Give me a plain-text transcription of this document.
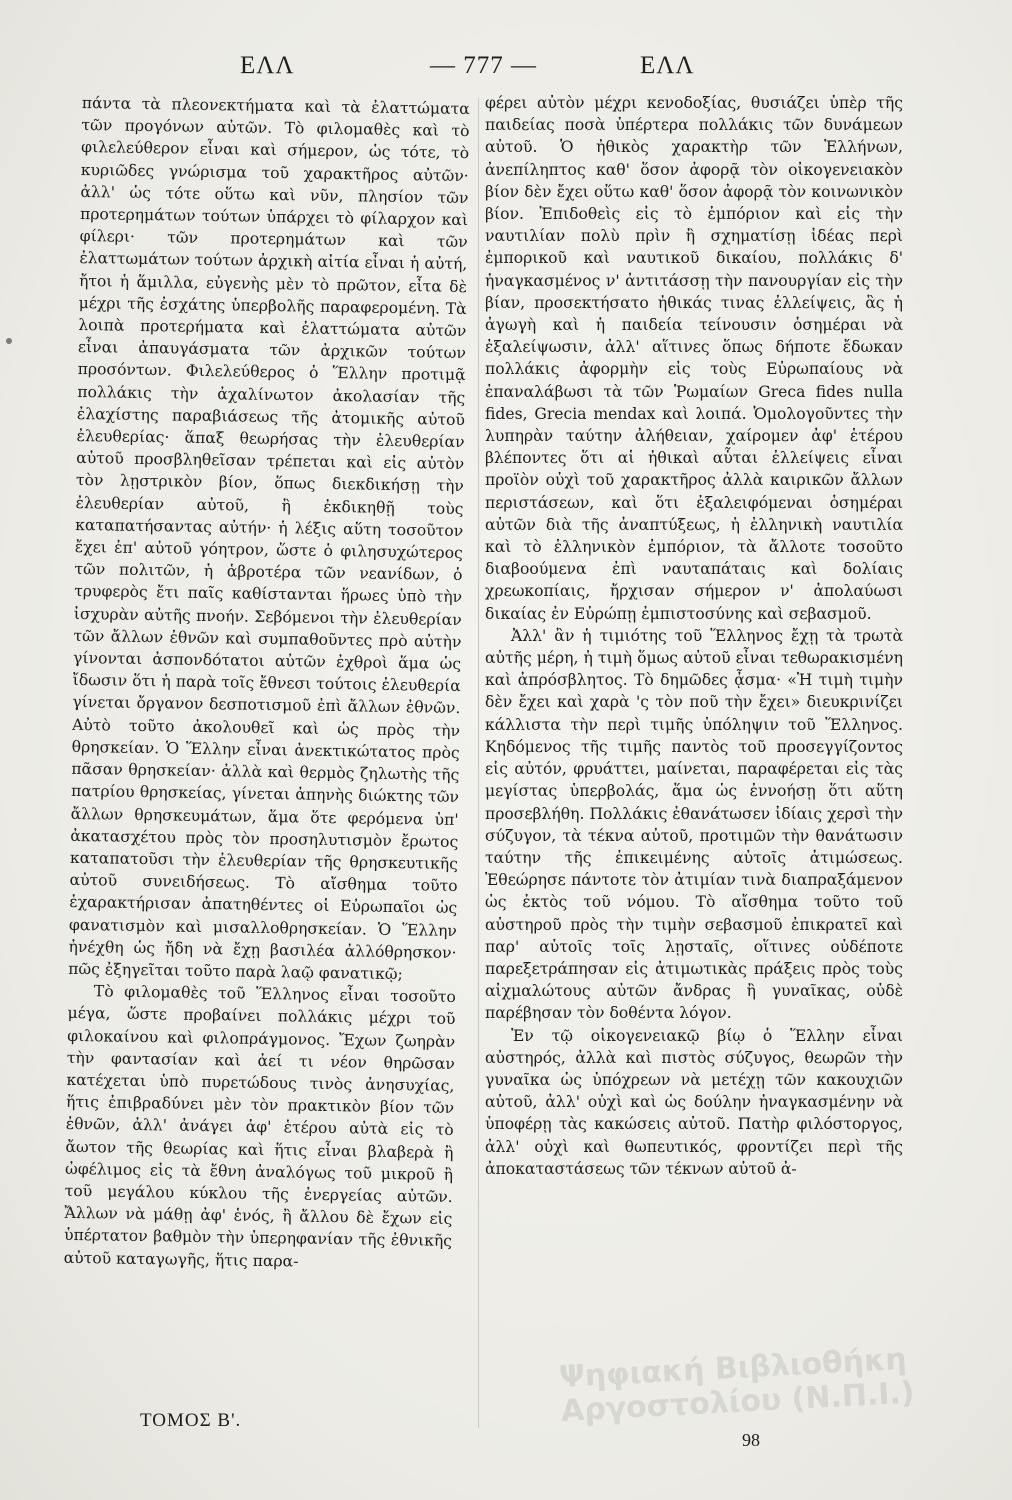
ΕΛΛ	— 777 —	ΕΛΛ

πάντα τὰ πλεονεκτήματα καὶ τὰ ἐλαττώματα τῶν προγόνων αὐτῶν. Τὸ φιλομαθὲς καὶ τὸ φιλελεύθερον εἶναι καὶ σήμερον, ὡς τότε, τὸ κυριῶδες γνώρισμα τοῦ χαρακτῆρος αὐτῶν· ἀλλ' ὡς τότε οὕτω καὶ νῦν, πλησίον τῶν προτερημάτων τούτων ὑπάρχει τὸ φίλαρχον καὶ φίλερι· τῶν προτερημάτων καὶ τῶν ἐλαττωμάτων τούτων ἀρχικὴ αἰτία εἶναι ἡ αὐτή, ἤτοι ἡ ἅμιλλα, εὐγενὴς μὲν τὸ πρῶτον, εἶτα δὲ μέχρι τῆς ἐσχάτης ὑπερβολῆς παραφερομένη. Τὰ λοιπὰ προτερήματα καὶ ἐλαττώματα αὐτῶν εἶναι ἀπαυγάσματα τῶν ἀρχικῶν τούτων προσόντων. Φιλελεύθερος ὁ Ἕλλην προτιμᾷ πολλάκις τὴν ἀχαλίνωτον ἀκολασίαν τῆς ἐλαχίστης παραβιάσεως τῆς ἀτομικῆς αὐτοῦ ἐλευθερίας· ἅπαξ θεωρήσας τὴν ἐλευθερίαν αὐτοῦ προσβληθεῖσαν τρέπεται καὶ εἰς αὐτὸν τὸν λῃστρικὸν βίον, ὅπως διεκδικήσῃ τὴν ἐλευθερίαν αὐτοῦ, ἢ ἐκδικηθῇ τοὺς καταπατήσαντας αὐτήν· ἡ λέξις αὕτη τοσοῦτον ἔχει ἐπ' αὐτοῦ γόητρον, ὥστε ὁ φιλησυχώτερος τῶν πολιτῶν, ἡ ἁβροτέρα τῶν νεανίδων, ὁ τρυφερὸς ἔτι παῖς καθίστανται ἥρωες ὑπὸ τὴν ἰσχυρὰν αὐτῆς πνοήν. Σεβόμενοι τὴν ἐλευθερίαν τῶν ἄλλων ἐθνῶν καὶ συμπαθοῦντες πρὸ αὐτὴν γίνονται ἀσπονδότατοι αὐτῶν ἐχθροὶ ἅμα ὡς ἴδωσιν ὅτι ἡ παρὰ τοῖς ἔθνεσι τούτοις ἐλευθερία γίνεται ὄργανον δεσποτισμοῦ ἐπὶ ἄλλων ἐθνῶν. Αὐτὸ τοῦτο ἀκολουθεῖ καὶ ὡς πρὸς τὴν θρησκείαν. Ὁ Ἕλλην εἶναι ἀνεκτικώτατος πρὸς πᾶσαν θρησκείαν· ἀλλὰ καὶ θερμὸς ζηλωτὴς τῆς πατρίου θρησκείας, γίνεται ἀπηνὴς διώκτης τῶν ἄλλων θρησκευμάτων, ἅμα ὅτε φερόμενα ὑπ' ἀκατασχέτου πρὸς τὸν προσηλυτισμὸν ἔρωτος καταπατοῦσι τὴν ἐλευθερίαν τῆς θρησκευτικῆς αὐτοῦ συνειδήσεως. Τὸ αἴσθημα τοῦτο ἐχαρακτήρισαν ἀπατηθέντες οἱ Εὐρωπαῖοι ὡς φανατισμὸν καὶ μισαλλοθρησκείαν. Ὁ Ἕλλην ἠνέχθη ὡς ἤδη νὰ ἔχῃ βασιλέα ἀλλόθρησκον· πῶς ἐξηγεῖται τοῦτο παρὰ λαῷ φανατικῷ;

Τὸ φιλομαθὲς τοῦ Ἕλληνος εἶναι τοσοῦτο μέγα, ὥστε προβαίνει πολλάκις μέχρι τοῦ φιλοκαίνου καὶ φιλοπράγμονος. Ἔχων ζωηρὰν τὴν φαντασίαν καὶ ἀεί τι νέον θηρῶσαν κατέχεται ὑπὸ πυρετώδους τινὸς ἀνησυχίας, ἥτις ἐπιβραδύνει μὲν τὸν πρακτικὸν βίον τῶν ἐθνῶν, ἀλλ' ἀνάγει ἀφ' ἑτέρου αὐτὰ εἰς τὸ ἄωτον τῆς θεωρίας καὶ ἥτις εἶναι βλαβερὰ ἢ ὠφέλιμος εἰς τὰ ἔθνη ἀναλόγως τοῦ μικροῦ ἢ τοῦ μεγάλου κύκλου τῆς ἐνεργείας αὐτῶν. Ἄλλων νὰ μάθῃ ἀφ' ἑνός, ἢ ἄλλου δὲ ἔχων εἰς ὑπέρτατον βαθμὸν τὴν ὑπερηφανίαν τῆς ἐθνικῆς αὐτοῦ καταγωγῆς, ἥτις παρα-

φέρει αὐτὸν μέχρι κενοδοξίας, θυσιάζει ὑπὲρ τῆς παιδείας ποσὰ ὑπέρτερα πολλάκις τῶν δυνάμεων αὐτοῦ. Ὁ ἠθικὸς χαρακτὴρ τῶν Ἑλλήνων, ἀνεπίληπτος καθ' ὅσον ἀφορᾷ τὸν οἰκογενειακὸν βίον δὲν ἔχει οὕτω καθ' ὅσον ἀφορᾷ τὸν κοινωνικὸν βίον. Ἐπιδοθεὶς εἰς τὸ ἐμπόριον καὶ εἰς τὴν ναυτιλίαν πολὺ πρὶν ἢ σχηματίσῃ ἰδέας περὶ ἐμπορικοῦ καὶ ναυτικοῦ δικαίου, πολλάκις δ' ἠναγκασμένος ν' ἀντιτάσσῃ τὴν πανουργίαν εἰς τὴν βίαν, προσεκτήσατο ἠθικάς τινας ἐλλείψεις, ἃς ἡ ἀγωγὴ καὶ ἡ παιδεία τείνουσιν ὁσημέραι νὰ ἐξαλείψωσιν, ἀλλ' αἵτινες ὅπως δήποτε ἔδωκαν πολλάκις ἀφορμὴν εἰς τοὺς Εὐρωπαίους νὰ ἐπαναλάβωσι τὰ τῶν Ῥωμαίων Greca fides nulla fides, Grecia mendax καὶ λοιπά. Ὁμολογοῦντες τὴν λυπηρὰν ταύτην ἀλήθειαν, χαίρομεν ἀφ' ἑτέρου βλέποντες ὅτι αἱ ἠθικαὶ αὗται ἐλλείψεις εἶναι προϊὸν οὐχὶ τοῦ χαρακτῆρος ἀλλὰ καιρικῶν ἄλλων περιστάσεων, καὶ ὅτι ἐξαλειφόμεναι ὁσημέραι αὐτῶν διὰ τῆς ἀναπτύξεως, ἡ ἑλληνικὴ ναυτιλία καὶ τὸ ἑλληνικὸν ἐμπόριον, τὰ ἄλλοτε τοσοῦτο διαβοούμενα ἐπὶ ναυταπάταις καὶ δολίαις χρεωκοπίαις, ἤρχισαν σήμερον ν' ἀπολαύωσι δικαίας ἐν Εὐρώπῃ ἐμπιστοσύνης καὶ σεβασμοῦ.

Ἀλλ' ἂν ἡ τιμιότης τοῦ Ἕλληνος ἔχῃ τὰ τρωτὰ αὐτῆς μέρη, ἡ τιμὴ ὅμως αὐτοῦ εἶναι τεθωρακισμένη καὶ ἀπρόσβλητος. Τὸ δημῶδες ᾆσμα· «Ἡ τιμὴ τιμὴν δὲν ἔχει καὶ χαρὰ 'ς τὸν ποῦ τὴν ἔχει» διευκρινίζει κάλλιστα τὴν περὶ τιμῆς ὑπόληψιν τοῦ Ἕλληνος. Κηδόμενος τῆς τιμῆς παντὸς τοῦ προσεγγίζοντος εἰς αὐτόν, φρυάττει, μαίνεται, παραφέρεται εἰς τὰς μεγίστας ὑπερβολάς, ἅμα ὡς ἐννοήσῃ ὅτι αὕτη προσεβλήθη. Πολλάκις ἐθανάτωσεν ἰδίαις χερσὶ τὴν σύζυγον, τὰ τέκνα αὐτοῦ, προτιμῶν τὴν θανάτωσιν ταύτην τῆς ἐπικειμένης αὐτοῖς ἀτιμώσεως. Ἐθεώρησε πάντοτε τὸν ἀτιμίαν τινὰ διαπραξάμενον ὡς ἐκτὸς τοῦ νόμου. Τὸ αἴσθημα τοῦτο τοῦ αὐστηροῦ πρὸς τὴν τιμὴν σεβασμοῦ ἐπικρατεῖ καὶ παρ' αὐτοῖς τοῖς λῃσταῖς, οἵτινες οὐδέποτε παρεξετράπησαν εἰς ἀτιμωτικὰς πράξεις πρὸς τοὺς αἰχμαλώτους αὐτῶν ἄνδρας ἢ γυναῖκας, οὐδὲ παρέβησαν τὸν δοθέντα λόγον.

Ἐν τῷ οἰκογενειακῷ βίῳ ὁ Ἕλλην εἶναι αὐστηρός, ἀλλὰ καὶ πιστὸς σύζυγος, θεωρῶν τὴν γυναῖκα ὡς ὑπόχρεων νὰ μετέχῃ τῶν κακουχιῶν αὐτοῦ, ἀλλ' οὐχὶ καὶ ὡς δούλην ἠναγκασμένην νὰ ὑποφέρῃ τὰς κακώσεις αὐτοῦ. Πατὴρ φιλόστοργος, ἀλλ' οὐχὶ καὶ θωπευτικός, φροντίζει περὶ τῆς ἀποκαταστάσεως τῶν τέκνων αὐτοῦ ἀ-

Ψηφιακή Βιβλιοθήκη Αργοστολίου (Ν.Π.Ι.)
ΤΟΜΟΣ Β'.
98
